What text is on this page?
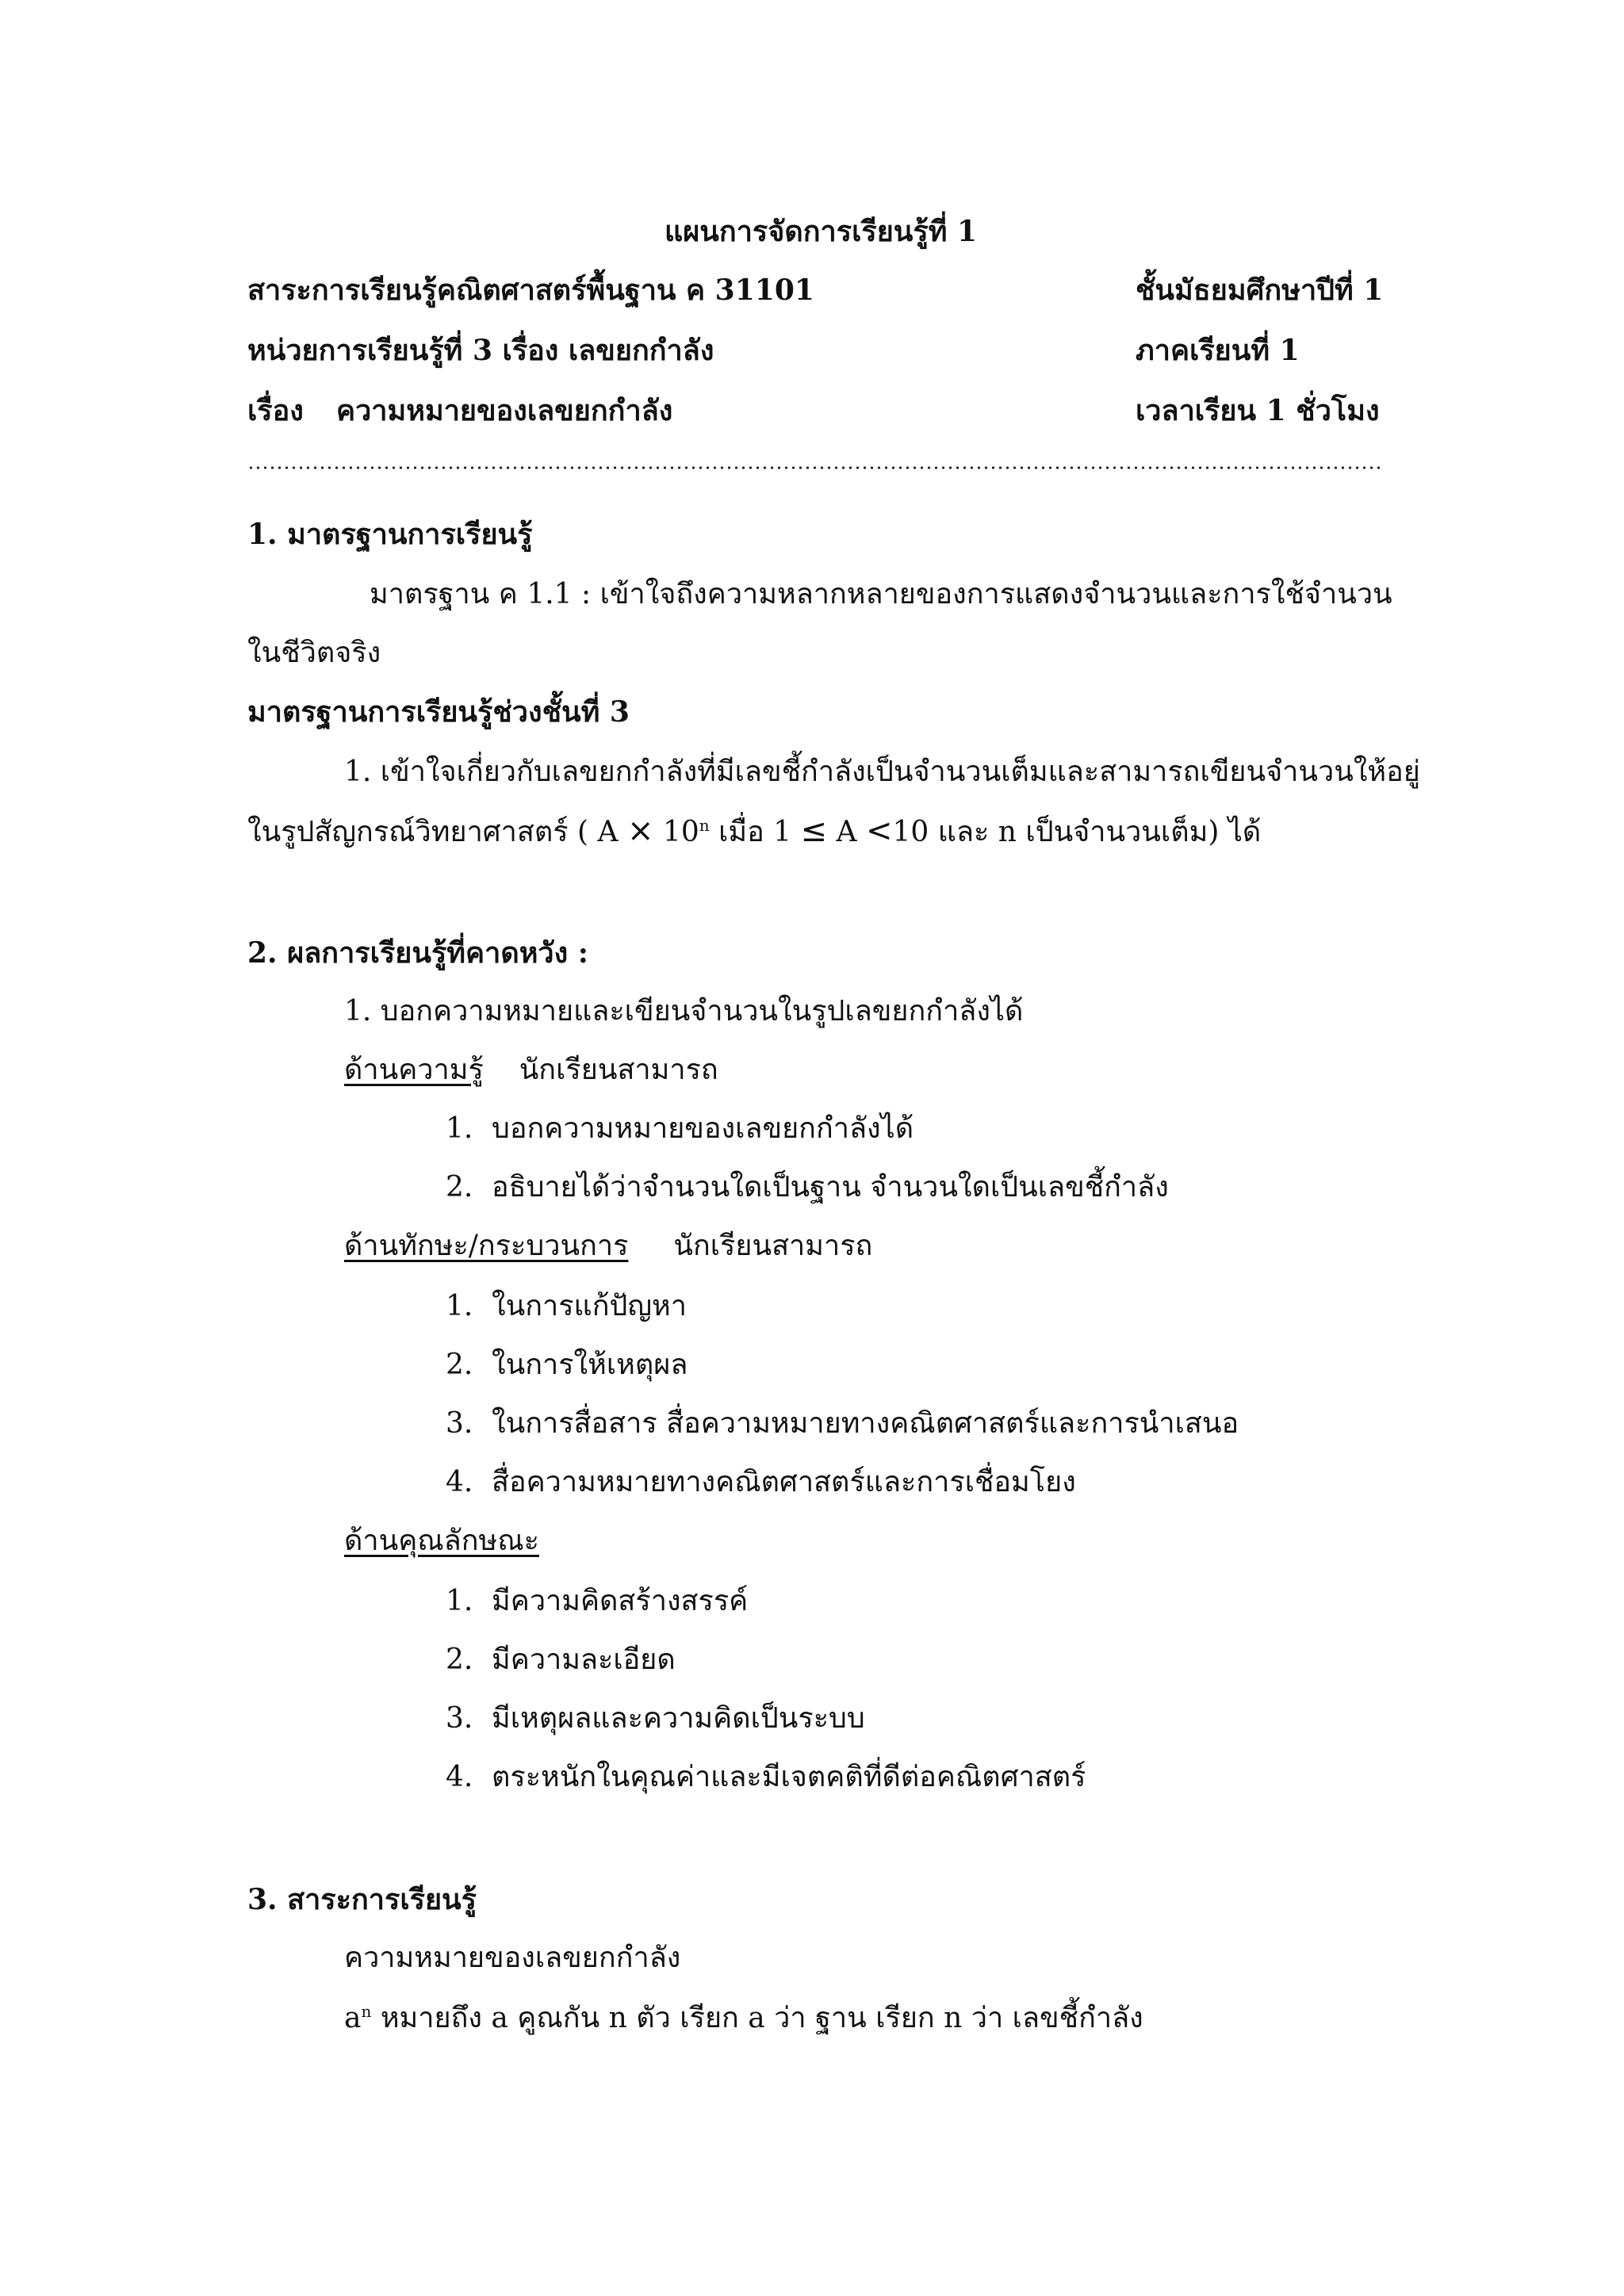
แผนการจัดการเรียนรู้ที่ 1
สาระการเรียนรู้คณิตศาสตร์พื้นฐาน ค 31101	ชั้นมัธยมศึกษาปีที่ 1
หน่วยการเรียนรู้ที่ 3 เรื่อง เลขยกกำลัง	ภาคเรียนที่ 1
เรื่อง ความหมายของเลขยกกำลัง	เวลาเรียน 1 ชั่วโมง
1. มาตรฐานการเรียนรู้
มาตรฐาน ค 1.1 : เข้าใจถึงความหลากหลายของการแสดงจำนวนและการใช้จำนวน
ในชีวิตจริง
มาตรฐานการเรียนรู้ช่วงชั้นที่ 3
1. เข้าใจเกี่ยวกับเลขยกกำลังที่มีเลขชี้กำลังเป็นจำนวนเต็มและสามารถเขียนจำนวนให้อยู่
ในรูปสัญกรณ์วิทยาศาสตร์ ( $A \times 10^n$ เมื่อ 1 ≤ A <10 และ n เป็นจำนวนเต็ม) ได้
2. ผลการเรียนรู้ที่คาดหวัง :
1. บอกความหมายและเขียนจำนวนในรูปเลขยกกำลังได้
ด้านความรู้ นักเรียนสามารถ
1. บอกความหมายของเลขยกกำลังได้
2. อธิบายได้ว่าจำนวนใดเป็นฐาน จำนวนใดเป็นเลขชี้กำลัง
ด้านทักษะ/กระบวนการ นักเรียนสามารถ
1. ในการแก้ปัญหา
2. ในการให้เหตุผล
3. ในการสื่อสาร สื่อความหมายทางคณิตศาสตร์และการนำเสนอ
4. สื่อความหมายทางคณิตศาสตร์และการเชื่อมโยง
ด้านคุณลักษณะ
1. มีความคิดสร้างสรรค์
2. มีความละเอียด
3. มีเหตุผลและความคิดเป็นระบบ
4. ตระหนักในคุณค่าและมีเจตคติที่ดีต่อคณิตศาสตร์
3. สาระการเรียนรู้
ความหมายของเลขยกกำลัง
$a^n$ หมายถึง a คูณกัน n ตัว เรียก a ว่า ฐาน เรียก n ว่า เลขชี้กำลัง
